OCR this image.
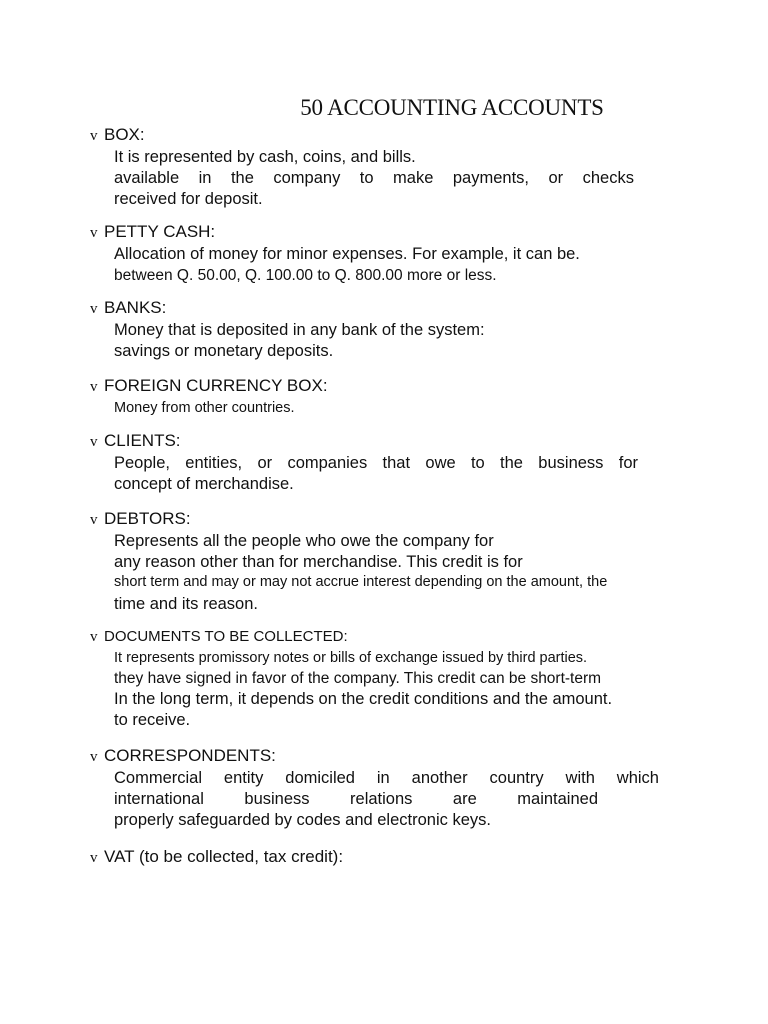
50 ACCOUNTING ACCOUNTS
v BOX:
It is represented by cash, coins, and bills.
available in the company to make payments, or checks
received for deposit.
v PETTY CASH:
Allocation of money for minor expenses. For example, it can be.
between Q. 50.00, Q. 100.00 to Q. 800.00 more or less.
v BANKS:
Money that is deposited in any bank of the system:
savings or monetary deposits.
v FOREIGN CURRENCY BOX:
Money from other countries.
v CLIENTS:
People, entities, or companies that owe to the business for
concept of merchandise.
v DEBTORS:
Represents all the people who owe the company for
any reason other than for merchandise. This credit is for
short term and may or may not accrue interest depending on the amount, the
time and its reason.
v DOCUMENTS TO BE COLLECTED:
It represents promissory notes or bills of exchange issued by third parties.
they have signed in favor of the company. This credit can be short-term
In the long term, it depends on the credit conditions and the amount.
to receive.
v CORRESPONDENTS:
Commercial entity domiciled in another country with which
international business relations are maintained
properly safeguarded by codes and electronic keys.
v VAT (to be collected, tax credit):
